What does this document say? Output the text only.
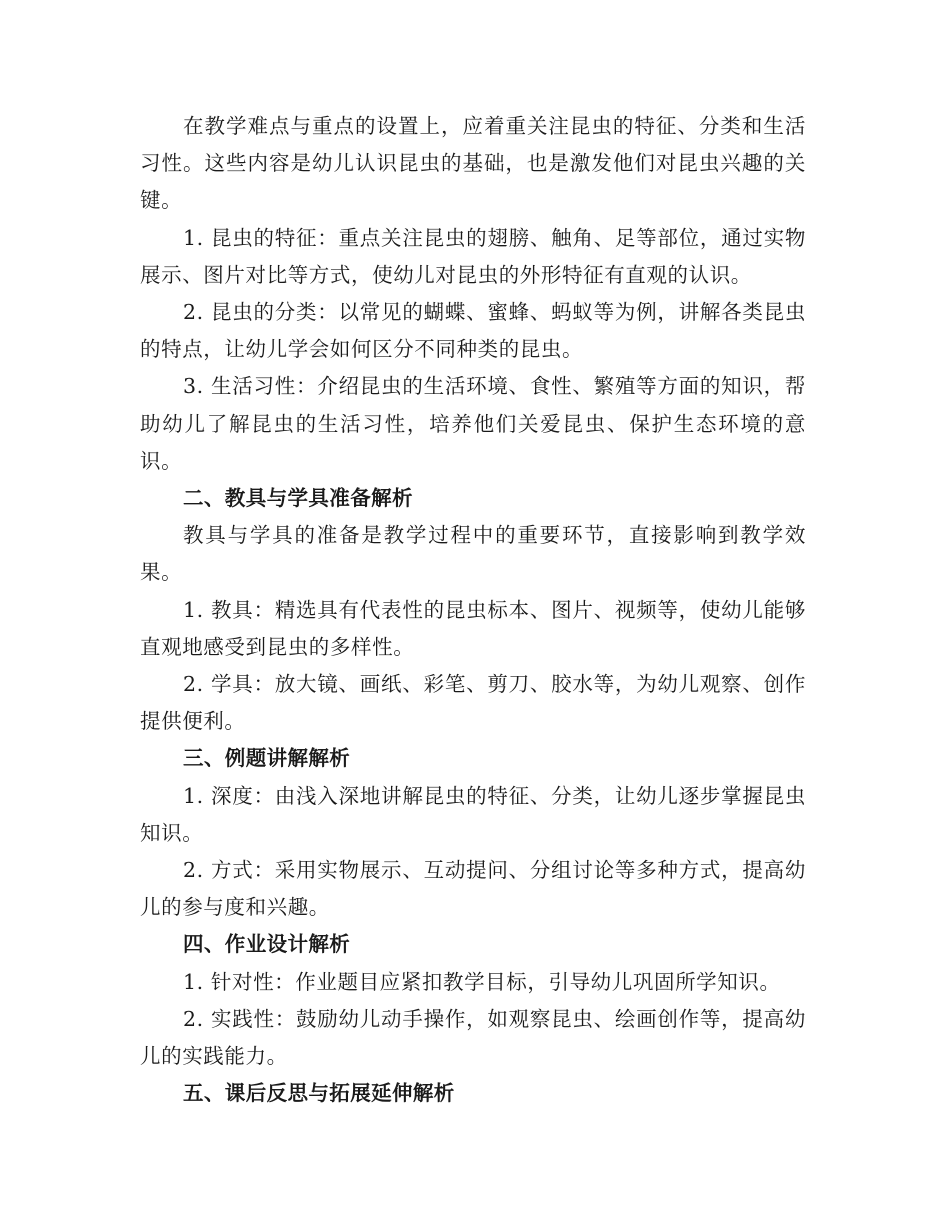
在教学难点与重点的设置上，应着重关注昆虫的特征、分类和生活习性。这些内容是幼儿认识昆虫的基础，也是激发他们对昆虫兴趣的关键。

1. 昆虫的特征：重点关注昆虫的翅膀、触角、足等部位，通过实物展示、图片对比等方式，使幼儿对昆虫的外形特征有直观的认识。

2. 昆虫的分类：以常见的蝴蝶、蜜蜂、蚂蚁等为例，讲解各类昆虫的特点，让幼儿学会如何区分不同种类的昆虫。

3. 生活习性：介绍昆虫的生活环境、食性、繁殖等方面的知识，帮助幼儿了解昆虫的生活习性，培养他们关爱昆虫、保护生态环境的意识。

二、教具与学具准备解析

教具与学具的准备是教学过程中的重要环节，直接影响到教学效果。

1. 教具：精选具有代表性的昆虫标本、图片、视频等，使幼儿能够直观地感受到昆虫的多样性。

2. 学具：放大镜、画纸、彩笔、剪刀、胶水等，为幼儿观察、创作提供便利。

三、例题讲解解析

1. 深度：由浅入深地讲解昆虫的特征、分类，让幼儿逐步掌握昆虫知识。

2. 方式：采用实物展示、互动提问、分组讨论等多种方式，提高幼儿的参与度和兴趣。

四、作业设计解析

1. 针对性：作业题目应紧扣教学目标，引导幼儿巩固所学知识。

2. 实践性：鼓励幼儿动手操作，如观察昆虫、绘画创作等，提高幼儿的实践能力。

五、课后反思与拓展延伸解析
